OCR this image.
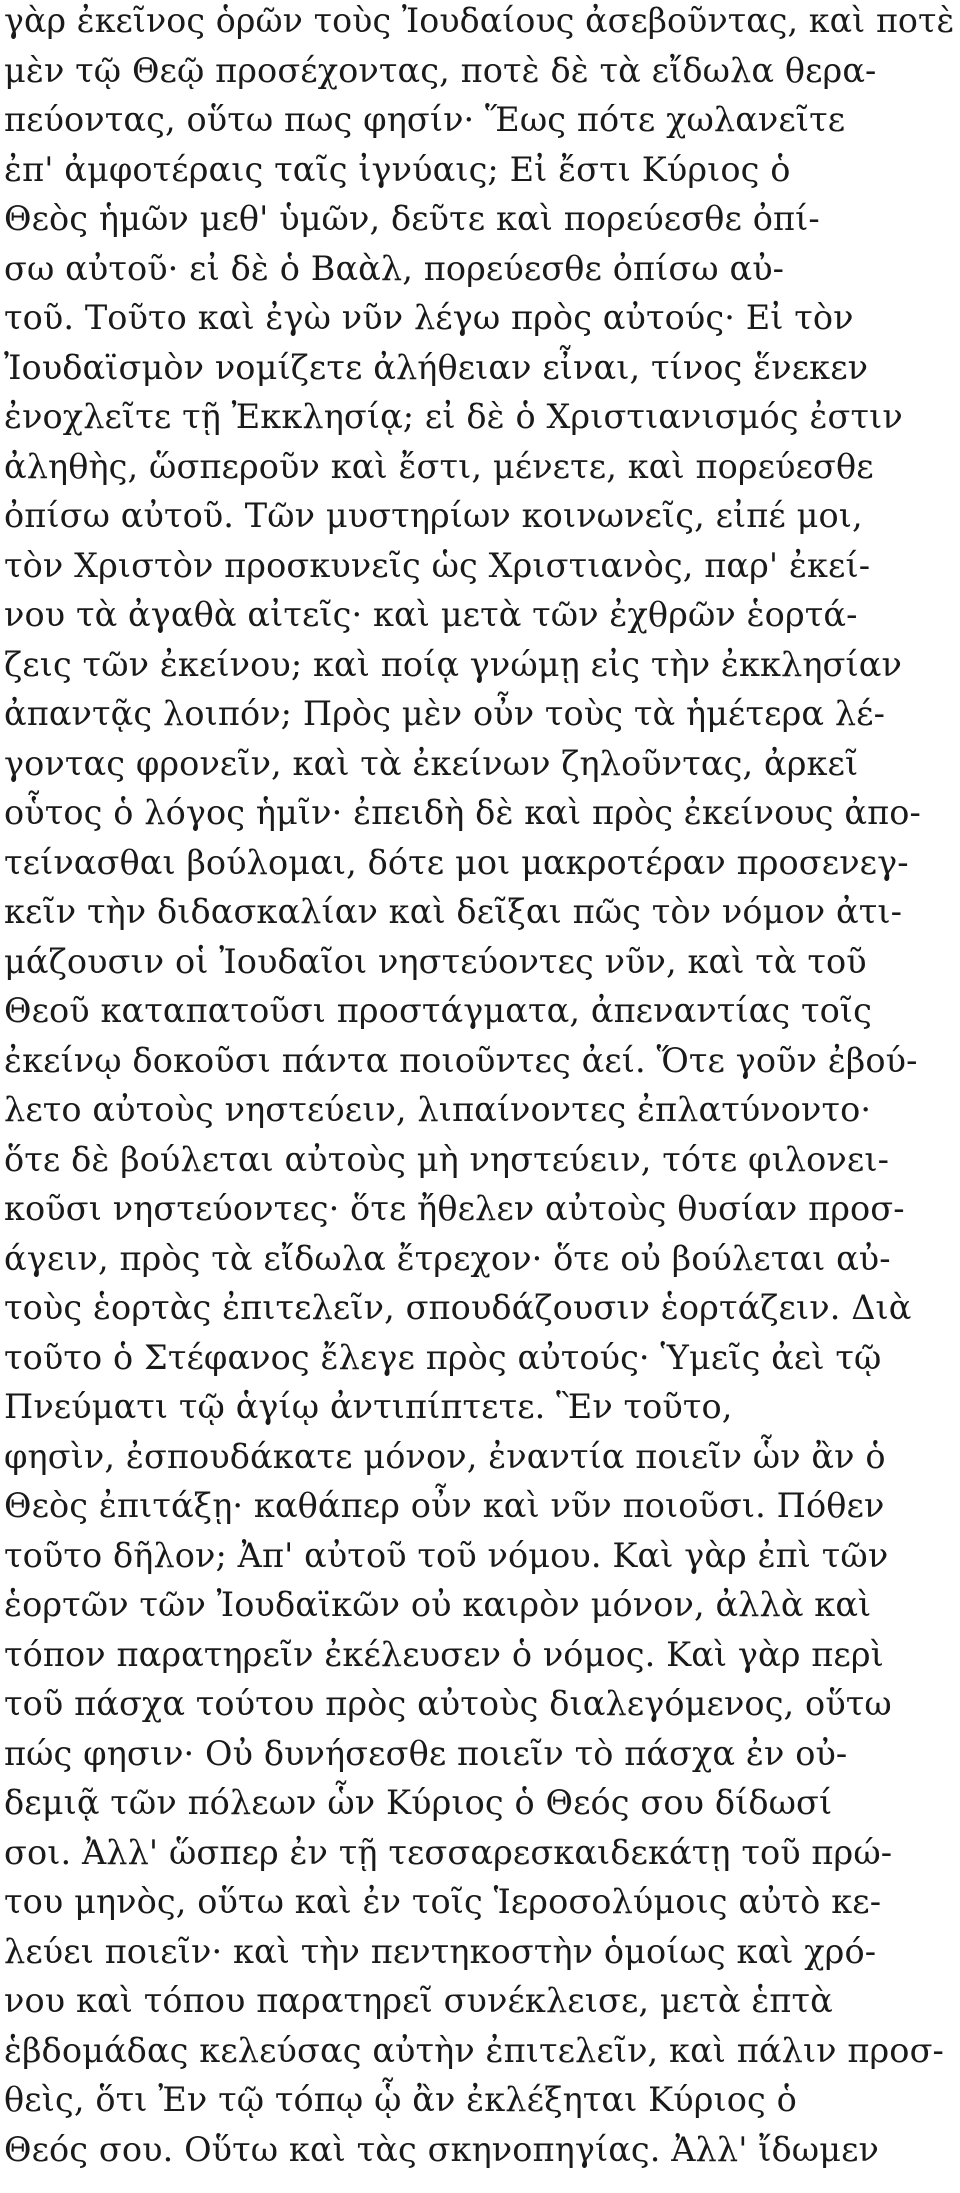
γὰρ ἐκεῖνος ὁρῶν τοὺς Ἰουδαίους ἀσεβοῦντας, καὶ ποτὲ
μὲν τῷ Θεῷ προσέχοντας, ποτὲ δὲ τὰ εἴδωλα θερα-
πεύοντας, οὕτω πως φησίν· Ἕως πότε χωλανεῖτε
ἐπ' ἀμφοτέραις ταῖς ἰγνύαις; Εἰ ἔστι Κύριος ὁ
Θεὸς ἡμῶν μεθ' ὑμῶν, δεῦτε καὶ πορεύεσθε ὀπί-
σω αὐτοῦ· εἰ δὲ ὁ Βαὰλ, πορεύεσθε ὀπίσω αὐ-
τοῦ. Τοῦτο καὶ ἐγὼ νῦν λέγω πρὸς αὐτούς· Εἰ τὸν
Ἰουδαϊσμὸν νομίζετε ἀλήθειαν εἶναι, τίνος ἕνεκεν
ἐνοχλεῖτε τῇ Ἐκκλησίᾳ; εἰ δὲ ὁ Χριστιανισμός ἐστιν
ἀληθὴς, ὥσπεροῦν καὶ ἔστι, μένετε, καὶ πορεύεσθε
ὀπίσω αὐτοῦ. Τῶν μυστηρίων κοινωνεῖς, εἰπέ μοι,
τὸν Χριστὸν προσκυνεῖς ὡς Χριστιανὸς, παρ' ἐκεί-
νου τὰ ἀγαθὰ αἰτεῖς· καὶ μετὰ τῶν ἐχθρῶν ἑορτά-
ζεις τῶν ἐκείνου; καὶ ποίᾳ γνώμῃ εἰς τὴν ἐκκλησίαν
ἀπαντᾷς λοιπόν; Πρὸς μὲν οὖν τοὺς τὰ ἡμέτερα λέ-
γοντας φρονεῖν, καὶ τὰ ἐκείνων ζηλοῦντας, ἀρκεῖ
οὗτος ὁ λόγος ἡμῖν· ἐπειδὴ δὲ καὶ πρὸς ἐκείνους ἀπο-
τείνασθαι βούλομαι, δότε μοι μακροτέραν προσενεγ-
κεῖν τὴν διδασκαλίαν καὶ δεῖξαι πῶς τὸν νόμον ἀτι-
μάζουσιν οἱ Ἰουδαῖοι νηστεύοντες νῦν, καὶ τὰ τοῦ
Θεοῦ καταπατοῦσι προστάγματα, ἀπεναντίας τοῖς
ἐκείνῳ δοκοῦσι πάντα ποιοῦντες ἀεί. Ὅτε γοῦν ἐβού-
λετο αὐτοὺς νηστεύειν, λιπαίνοντες ἐπλατύνοντο·
ὅτε δὲ βούλεται αὐτοὺς μὴ νηστεύειν, τότε φιλονει-
κοῦσι νηστεύοντες· ὅτε ἤθελεν αὐτοὺς θυσίαν προσ-
άγειν, πρὸς τὰ εἴδωλα ἔτρεχον· ὅτε οὐ βούλεται αὐ-
τοὺς ἑορτὰς ἐπιτελεῖν, σπουδάζουσιν ἑορτάζειν. Διὰ
τοῦτο ὁ Στέφανος ἔλεγε πρὸς αὐτούς· Ὑμεῖς ἀεὶ τῷ
Πνεύματι τῷ ἁγίῳ ἀντιπίπτετε. Ἓν τοῦτο,
φησὶν, ἐσπουδάκατε μόνον, ἐναντία ποιεῖν ὧν ἂν ὁ
Θεὸς ἐπιτάξῃ· καθάπερ οὖν καὶ νῦν ποιοῦσι. Πόθεν
τοῦτο δῆλον; Ἀπ' αὐτοῦ τοῦ νόμου. Καὶ γὰρ ἐπὶ τῶν
ἑορτῶν τῶν Ἰουδαϊκῶν οὐ καιρὸν μόνον, ἀλλὰ καὶ
τόπον παρατηρεῖν ἐκέλευσεν ὁ νόμος. Καὶ γὰρ περὶ
τοῦ πάσχα τούτου πρὸς αὐτοὺς διαλεγόμενος, οὕτω
πώς φησιν· Οὐ δυνήσεσθε ποιεῖν τὸ πάσχα ἐν οὐ-
δεμιᾷ τῶν πόλεων ὧν Κύριος ὁ Θεός σου δίδωσί
σοι. Ἀλλ' ὥσπερ ἐν τῇ τεσσαρεσκαιδεκάτῃ τοῦ πρώ-
του μηνὸς, οὕτω καὶ ἐν τοῖς Ἱεροσολύμοις αὐτὸ κε-
λεύει ποιεῖν· καὶ τὴν πεντηκοστὴν ὁμοίως καὶ χρό-
νου καὶ τόπου παρατηρεῖ συνέκλεισε, μετὰ ἑπτὰ
ἑβδομάδας κελεύσας αὐτὴν ἐπιτελεῖν, καὶ πάλιν προσ-
θεὶς, ὅτι Ἐν τῷ τόπῳ ᾧ ἂν ἐκλέξηται Κύριος ὁ
Θεός σου. Οὕτω καὶ τὰς σκηνοπηγίας. Ἀλλ' ἴδωμεν
